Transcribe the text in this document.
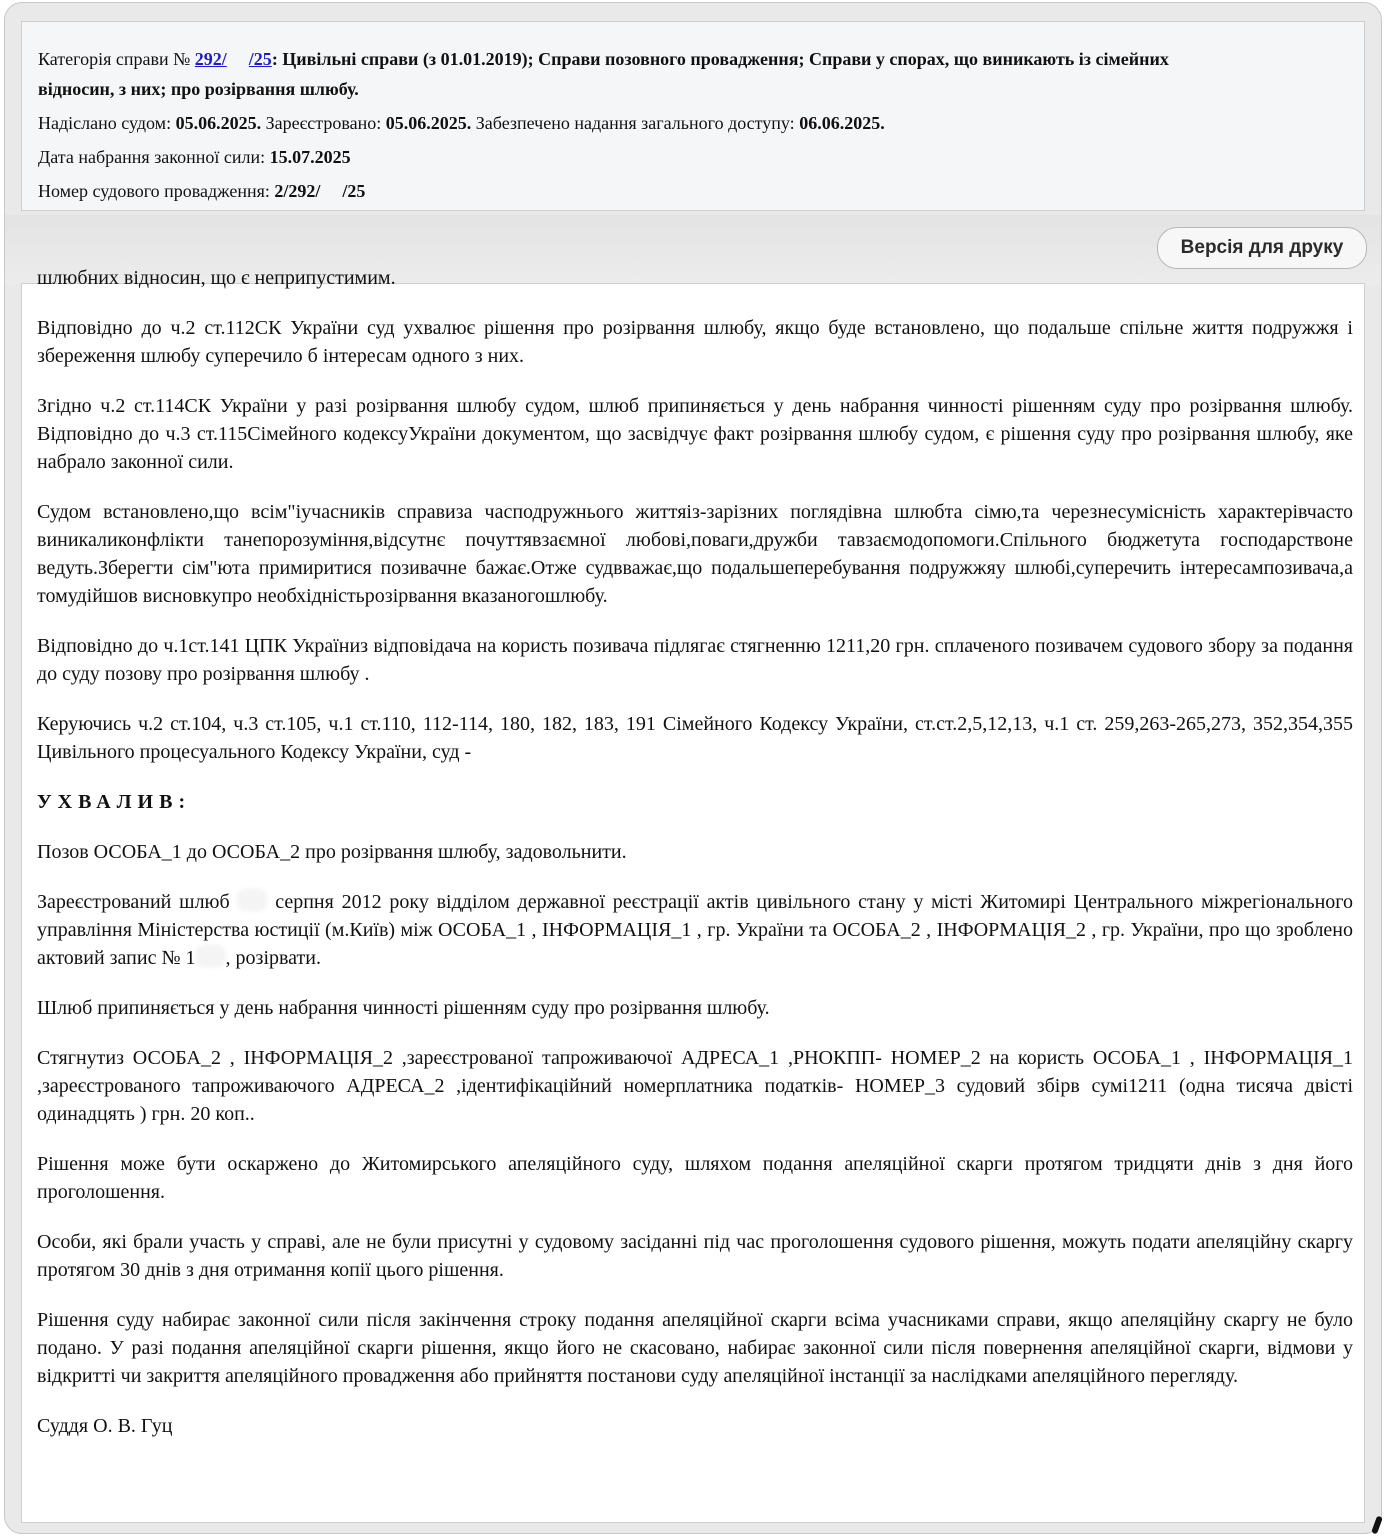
Категорія справи № 292/ /25: Цивільні справи (з 01.01.2019); Справи позовного провадження; Справи у спорах, що виникають із сімейних
відносин, з них; про розірвання шлюбу.
Надіслано судом: 05.06.2025. Зареєстровано: 05.06.2025. Забезпечено надання загального доступу: 06.06.2025.
Дата набрання законної сили: 15.07.2025
Номер судового провадження: 2/292/ /25
Версія для друку

шлюбних відносин, що є неприпустимим.

Відповідно до ч.2 ст.112СК України суд ухвалює рішення про розірвання шлюбу, якщо буде встановлено, що подальше спільне життя подружжя і збереження шлюбу суперечило б інтересам одного з них.

Згідно ч.2 ст.114СК України у разі розірвання шлюбу судом, шлюб припиняється у день набрання чинності рішенням суду про розірвання шлюбу. Відповідно до ч.3 ст.115Сімейного кодексуУкраїни документом, що засвідчує факт розірвання шлюбу судом, є рішення суду про розірвання шлюбу, яке набрало законної сили.

Судом встановлено,що всім"іучасників справиза часподружнього життяіз-зарізних поглядівна шлюбта сімю,та черезнесумісність характерівчасто виникаликонфлікти танепорозуміння,відсутнє почуттявзаємної любові,поваги,дружби тавзаємодопомоги.Спільного бюджетута господарствоне ведуть.Зберегти сім"юта примиритися позивачне бажає.Отже судвважає,що подальшеперебування подружжяу шлюбі,суперечить інтересампозивача,а томудійшов висновкупро необхідністьрозірвання вказаногошлюбу.

Відповідно до ч.1ст.141 ЦПК Україниз відповідача на користь позивача підлягає стягненню 1211,20 грн. сплаченого позивачем судового збору за подання до суду позову про розірвання шлюбу .

Керуючись ч.2 ст.104, ч.3 ст.105, ч.1 ст.110, 112-114, 180, 182, 183, 191 Сімейного Кодексу України, ст.ст.2,5,12,13, ч.1 ст. 259,263-265,273, 352,354,355 Цивільного процесуального Кодексу України, суд -

УХВАЛИВ:

Позов ОСОБА_1 до ОСОБА_2 про розірвання шлюбу, задовольнити.

Зареєстрований шлюб серпня 2012 року відділом державної реєстрації актів цивільного стану у місті Житомирі Центрального міжрегіонального управління Міністерства юстиції (м.Київ) між ОСОБА_1 , ІНФОРМАЦІЯ_1 , гр. України та ОСОБА_2 , ІНФОРМАЦІЯ_2 , гр. України, про що зроблено актовий запис № 1 , розірвати.

Шлюб припиняється у день набрання чинності рішенням суду про розірвання шлюбу.

Стягнутиз ОСОБА_2 , ІНФОРМАЦІЯ_2 ,зареєстрованої тапроживаючої АДРЕСА_1 ,РНОКПП- НОМЕР_2 на користь ОСОБА_1 , ІНФОРМАЦІЯ_1 ,зареєстрованого тапроживаючого АДРЕСА_2 ,ідентифікаційний номерплатника податків- НОМЕР_3 судовий збірв сумі1211 (одна тисяча двісті одинадцять ) грн. 20 коп..

Рішення може бути оскаржено до Житомирського апеляційного суду, шляхом подання апеляційної скарги протягом тридцяти днів з дня його проголошення.

Особи, які брали участь у справі, але не були присутні у судовому засіданні під час проголошення судового рішення, можуть подати апеляційну скаргу протягом 30 днів з дня отримання копії цього рішення.

Рішення суду набирає законної сили після закінчення строку подання апеляційної скарги всіма учасниками справи, якщо апеляційну скаргу не було подано. У разі подання апеляційної скарги рішення, якщо його не скасовано, набирає законної сили після повернення апеляційної скарги, відмови у відкритті чи закриття апеляційного провадження або прийняття постанови суду апеляційної інстанції за наслідками апеляційного перегляду.

Суддя О. В. Гуц
